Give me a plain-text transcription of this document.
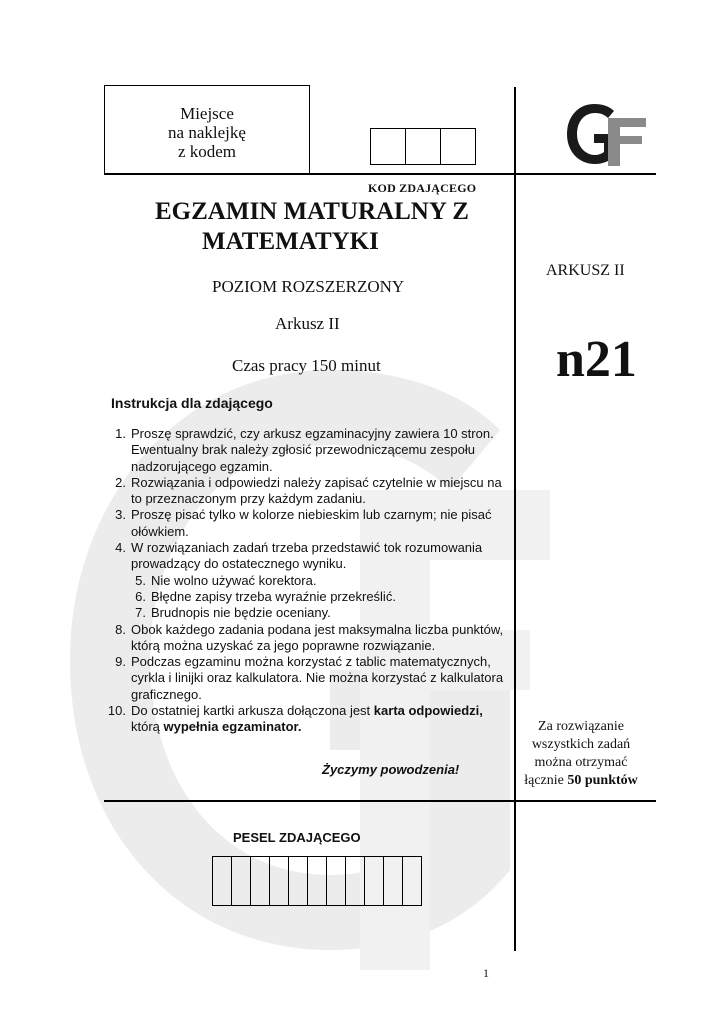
Miejsce
na naklejkę
z kodem
KOD ZDAJĄCEGO
EGZAMIN MATURALNY Z
MATEMATYKI
POZIOM ROZSZERZONY
Arkusz II
Czas pracy 150 minut
Instrukcja dla zdającego
1. Proszę sprawdzić, czy arkusz egzaminacyjny zawiera 10 stron. Ewentualny brak należy zgłosić przewodniczącemu zespołu nadzorującego egzamin.
2. Rozwiązania i odpowiedzi należy zapisać czytelnie w miejscu na to przeznaczonym przy każdym zadaniu.
3. Proszę pisać tylko w kolorze niebieskim lub czarnym; nie pisać ołówkiem.
4. W rozwiązaniach zadań trzeba przedstawić tok rozumowania prowadzący do ostatecznego wyniku.
5. Nie wolno używać korektora.
6. Błędne zapisy trzeba wyraźnie przekreślić.
7. Brudnopis nie będzie oceniany.
8. Obok każdego zadania podana jest maksymalna liczba punktów, którą można uzyskać za jego poprawne rozwiązanie.
9. Podczas egzaminu można korzystać z tablic matematycznych, cyrkla i linijki oraz kalkulatora. Nie można korzystać z kalkulatora graficznego.
10. Do ostatniej kartki arkusza dołączona jest karta odpowiedzi, którą wypełnia egzaminator.
Życzymy powodzenia!
PESEL ZDAJĄCEGO
ARKUSZ II
n21
Za rozwiązanie
wszystkich zadań
można otrzymać
łącznie 50 punktów
1
